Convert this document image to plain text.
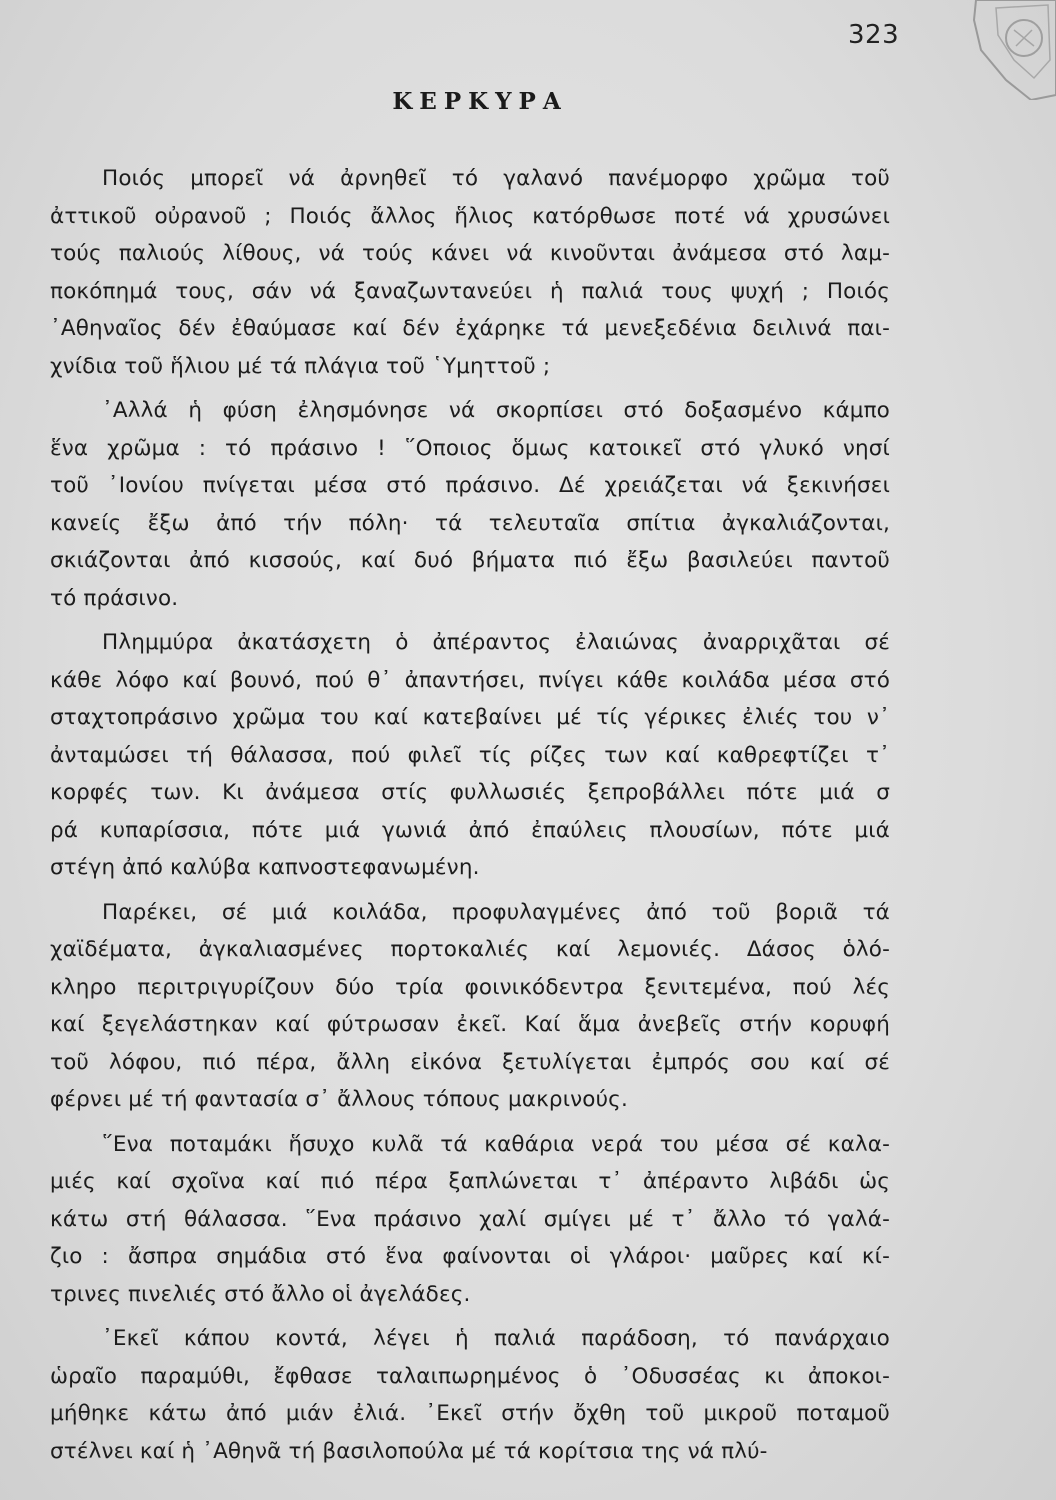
323
ΚΕΡΚΥΡΑ
Ποιός μπορεῖ νά ἀρνηθεῖ τό γαλανό πανέμορφο χρῶμα τοῦ
ἀττικοῦ οὐρανοῦ ; Ποιός ἄλλος ἥλιος κατόρθωσε ποτέ νά χρυσώνει
τούς παλιούς λίθους, νά τούς κάνει νά κινοῦνται ἀνάμεσα στό λαμ-
ποκόπημά τους, σάν νά ξαναζωντανεύει ἡ παλιά τους ψυχή ; Ποιός
᾿Αθηναῖος δέν ἐθαύμασε καί δέν ἐχάρηκε τά μενεξεδένια δειλινά παι-
χνίδια τοῦ ἥλιου μέ τά πλάγια τοῦ ῾Υμηττοῦ ;
᾿Αλλά ἡ φύση ἐλησμόνησε νά σκορπίσει στό δοξασμένο κάμπο
ἕνα χρῶμα : τό πράσινο ! ῞Οποιος ὅμως κατοικεῖ στό γλυκό νησί
τοῦ ᾿Ιονίου πνίγεται μέσα στό πράσινο. Δέ χρειάζεται νά ξεκινήσει
κανείς ἔξω ἀπό τήν πόλη· τά τελευταῖα σπίτια ἀγκαλιάζονται,
σκιάζονται ἀπό κισσούς, καί δυό βήματα πιό ἔξω βασιλεύει παντοῦ
τό πράσινο.
Πλημμύρα ἀκατάσχετη ὁ ἀπέραντος ἐλαιώνας ἀναρριχᾶται σέ
κάθε λόφο καί βουνό, πού θ᾿ ἀπαντήσει, πνίγει κάθε κοιλάδα μέσα στό
σταχτοπράσινο χρῶμα του καί κατεβαίνει μέ τίς γέρικες ἐλιές του ν᾿
ἀνταμώσει τή θάλασσα, πού φιλεῖ τίς ρίζες των καί καθρεφτίζει τ᾿
κορφές των. Κι ἀνάμεσα στίς φυλλωσιές ξεπροβάλλει πότε μιά σ
ρά κυπαρίσσια, πότε μιά γωνιά ἀπό ἐπαύλεις πλουσίων, πότε μιά
στέγη ἀπό καλύβα καπνοστεφανωμένη.
Παρέκει, σέ μιά κοιλάδα, προφυλαγμένες ἀπό τοῦ βοριᾶ τά
χαϊδέματα, ἀγκαλιασμένες πορτοκαλιές καί λεμονιές. Δάσος ὁλό-
κληρο περιτριγυρίζουν δύο τρία φοινικόδεντρα ξενιτεμένα, πού λές
καί ξεγελάστηκαν καί φύτρωσαν ἐκεῖ. Καί ἅμα ἀνεβεῖς στήν κορυφή
τοῦ λόφου, πιό πέρα, ἄλλη εἰκόνα ξετυλίγεται ἐμπρός σου καί σέ
φέρνει μέ τή φαντασία σ᾿ ἄλλους τόπους μακρινούς.
῞Ενα ποταμάκι ἥσυχο κυλᾶ τά καθάρια νερά του μέσα σέ καλα-
μιές καί σχοῖνα καί πιό πέρα ξαπλώνεται τ᾿ ἀπέραντο λιβάδι ὡς
κάτω στή θάλασσα. ῞Ενα πράσινο χαλί σμίγει μέ τ᾿ ἄλλο τό γαλά-
ζιο : ἄσπρα σημάδια στό ἕνα φαίνονται οἱ γλάροι· μαῦρες καί κί-
τρινες πινελιές στό ἄλλο οἱ ἀγελάδες.
᾿Εκεῖ κάπου κοντά, λέγει ἡ παλιά παράδοση, τό πανάρχαιο
ὡραῖο παραμύθι, ἔφθασε ταλαιπωρημένος ὁ ᾿Οδυσσέας κι ἀποκοι-
μήθηκε κάτω ἀπό μιάν ἐλιά. ᾿Εκεῖ στήν ὄχθη τοῦ μικροῦ ποταμοῦ
στέλνει καί ἡ ᾿Αθηνᾶ τή βασιλοπούλα μέ τά κορίτσια της νά πλύ-
